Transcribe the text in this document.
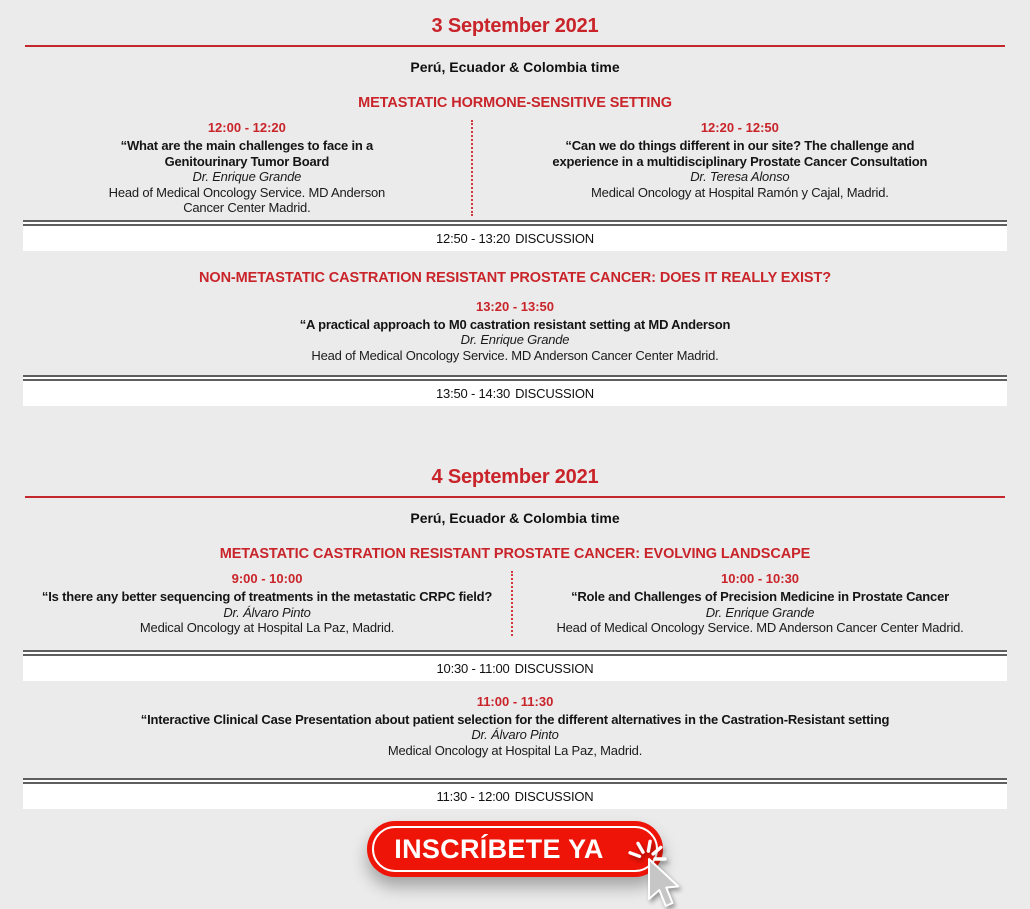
3 September 2021
Perú, Ecuador & Colombia time
METASTATIC HORMONE-SENSITIVE SETTING
12:00 - 12:20
“What are the main challenges to face in a Genitourinary Tumor Board
Dr. Enrique Grande
Head of Medical Oncology Service. MD Anderson Cancer Center Madrid.
12:20 - 12:50
“Can we do things different in our site? The challenge and experience in a multidisciplinary Prostate Cancer Consultation
Dr. Teresa Alonso
Medical Oncology at Hospital Ramón y Cajal, Madrid.
12:50 - 13:20 DISCUSSION
NON-METASTATIC CASTRATION RESISTANT PROSTATE CANCER: DOES IT REALLY EXIST?
13:20 - 13:50
“A practical approach to M0 castration resistant setting at MD Anderson
Dr. Enrique Grande
Head of Medical Oncology Service. MD Anderson Cancer Center Madrid.
13:50 - 14:30 DISCUSSION
4 September 2021
Perú, Ecuador & Colombia time
METASTATIC CASTRATION RESISTANT PROSTATE CANCER: EVOLVING LANDSCAPE
9:00 - 10:00
“Is there any better sequencing of treatments in the metastatic CRPC field?
Dr. Álvaro Pinto
Medical Oncology at Hospital La Paz, Madrid.
10:00 - 10:30
“Role and Challenges of Precision Medicine in Prostate Cancer
Dr. Enrique Grande
Head of Medical Oncology Service. MD Anderson Cancer Center Madrid.
10:30 - 11:00 DISCUSSION
11:00 - 11:30
“Interactive Clinical Case Presentation about patient selection for the different alternatives in the Castration-Resistant setting
Dr. Álvaro Pinto
Medical Oncology at Hospital La Paz, Madrid.
11:30 - 12:00 DISCUSSION
INSCRÍBETE YA
